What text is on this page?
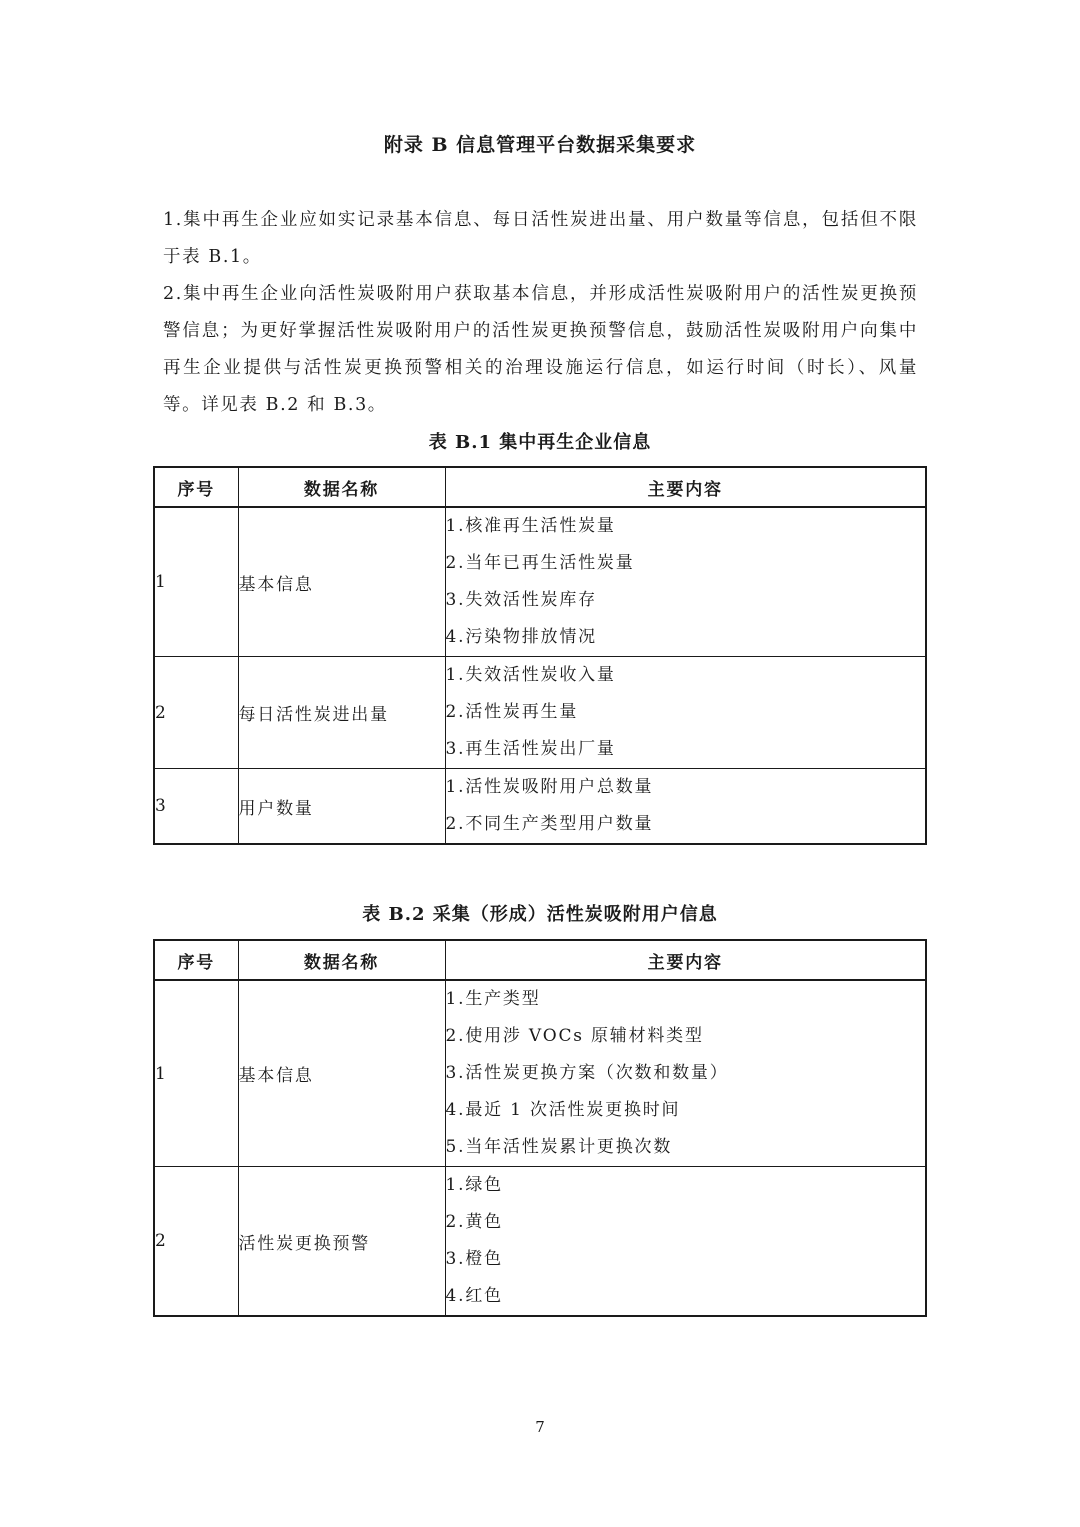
附录 B 信息管理平台数据采集要求
1.集中再生企业应如实记录基本信息、每日活性炭进出量、用户数量等信息，包括但不限于表 B.1。
2.集中再生企业向活性炭吸附用户获取基本信息，并形成活性炭吸附用户的活性炭更换预警信息；为更好掌握活性炭吸附用户的活性炭更换预警信息，鼓励活性炭吸附用户向集中再生企业提供与活性炭更换预警相关的治理设施运行信息，如运行时间（时长）、风量等。详见表 B.2 和 B.3。
表 B.1 集中再生企业信息
序号	数据名称	主要内容
1	基本信息	1.核准再生活性炭量
2.当年已再生活性炭量
3.失效活性炭库存
4.污染物排放情况

2	每日活性炭进出量	1.失效活性炭收入量
2.活性炭再生量
3.再生活性炭出厂量

3	用户数量	1.活性炭吸附用户总数量
2.不同生产类型用户数量
表 B.2 采集（形成）活性炭吸附用户信息
序号	数据名称	主要内容
1	基本信息	1.生产类型
2.使用涉 VOCs 原辅材料类型
3.活性炭更换方案（次数和数量）
4.最近 1 次活性炭更换时间
5.当年活性炭累计更换次数

2	活性炭更换预警	1.绿色
2.黄色
3.橙色
4.红色
7
